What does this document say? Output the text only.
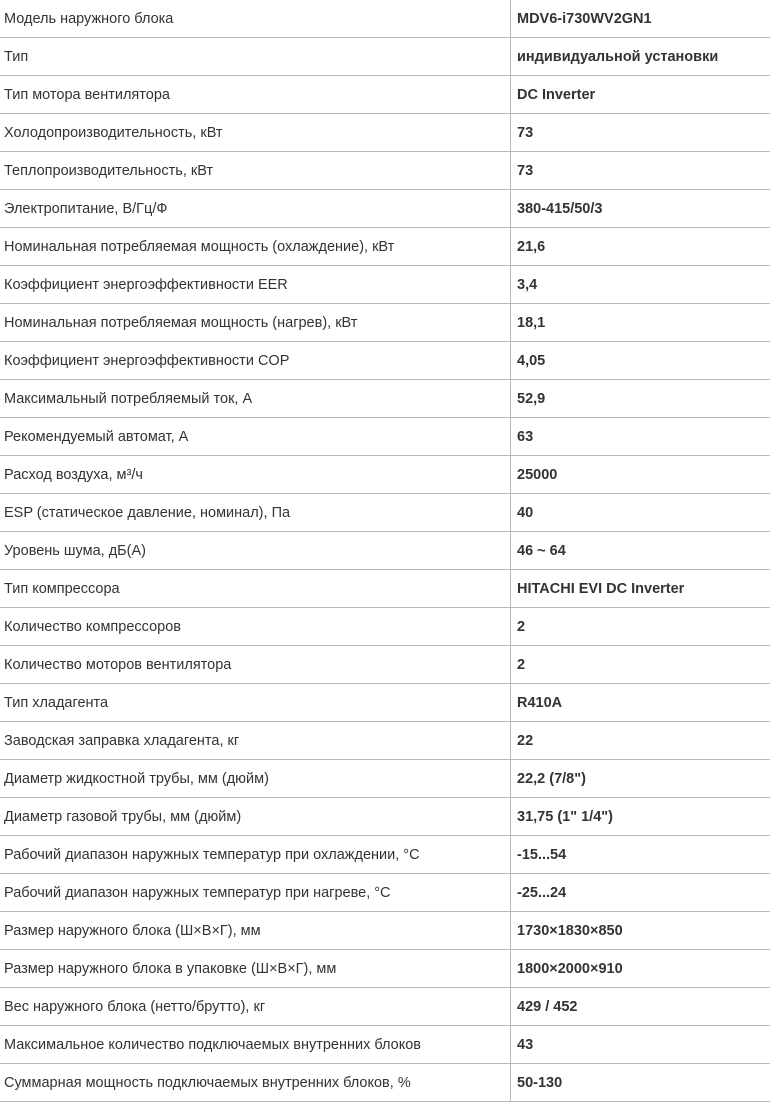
Модель наружного блока	MDV6-i730WV2GN1
Тип	индивидуальной установки
Тип мотора вентилятора	DC Inverter
Холодопроизводительность, кВт	73
Теплопроизводительность, кВт	73
Электропитание, В/Гц/Ф	380-415/50/3
Номинальная потребляемая мощность (охлаждение), кВт	21,6
Коэффициент энергоэффективности EER	3,4
Номинальная потребляемая мощность (нагрев), кВт	18,1
Коэффициент энергоэффективности COP	4,05
Максимальный потребляемый ток, А	52,9
Рекомендуемый автомат, А	63
Расход воздуха, м³/ч	25000
ESP (статическое давление, номинал), Па	40
Уровень шума, дБ(А)	46 ~ 64
Тип компрессора	HITACHI EVI DC Inverter
Количество компрессоров	2
Количество моторов вентилятора	2
Тип хладагента	R410A
Заводская заправка хладагента, кг	22
Диаметр жидкостной трубы, мм (дюйм)	22,2 (7/8")
Диаметр газовой трубы, мм (дюйм)	31,75 (1" 1/4")
Рабочий диапазон наружных температур при охлаждении, °С	-15...54
Рабочий диапазон наружных температур при нагреве, °С	-25...24
Размер наружного блока (Ш×В×Г), мм	1730×1830×850
Размер наружного блока в упаковке (Ш×В×Г), мм	1800×2000×910
Вес наружного блока (нетто/брутто), кг	429 / 452
Максимальное количество подключаемых внутренних блоков	43
Суммарная мощность подключаемых внутренних блоков, %	50-130
